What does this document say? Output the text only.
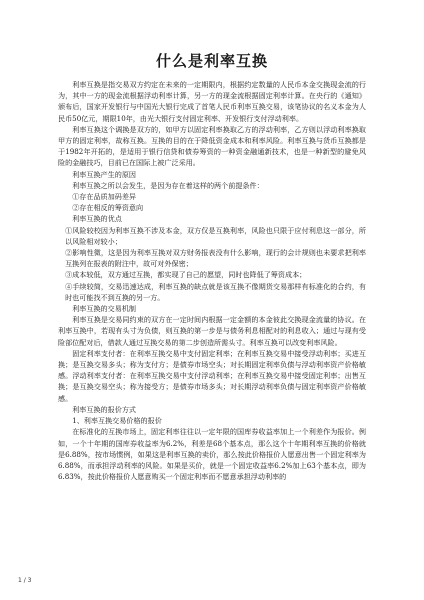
什么是利率互换

利率互换是指交易双方约定在未来的一定期限内，根据约定数量的人民币本金交换现金流的行为，其中一方的现金流根据浮动利率计算，另一方的现金流根据固定利率计算。在央行的《通知》颁布后，国家开发银行与中国光大银行完成了首笔人民币利率互换交易，该笔协议的名义本金为人民币50亿元，期限10年，由光大银行支付固定利率、开发银行支付浮动利率。

利率互换这个调换是双方的，如甲方以固定利率换取乙方的浮动利率，乙方则以浮动利率换取甲方的固定利率，故称互换。互换的目的在于降低资金成本和利率风险。利率互换与货币互换都是于1982年开拓的，是适用于银行信贷和债券筹资的一种资金融通新技术，也是一种新型的避免风险的金融技巧，目前已在国际上被广泛采用。

利率互换产生的原因

利率互换之所以会发生，是因为存在着这样的两个前提条件：

①存在品质加码差异

②存在相反的筹资意向

利率互换的优点

①风险较校因为利率互换不涉及本金，双方仅是互换利率，风险也只限于应付利息这一部分，所以风险相对较小；

②影响性微，这是因为利率互换对双方财务报表没有什么影响，现行的会计规则也未要求把利率互换列在报表的附注中，故可对外保密；

③成本较低，双方通过互换，都实现了自己的愿望，同时也降低了筹资成本；

④手续较简，交易迅速达成，利率互换的缺点就是该互换不像期货交易那样有标准化的合约，有时也可能找不到互换的另一方。

利率互换的交易机制

利率互换是交易同约束的双方在一定时间内根据一定金额的本金彼此交换现金流量的协议。在利率互换中，若现有头寸为负债，则互换的第一步是与债务利息相配对的利息收入；通过与现有受险部位配对后，借款人通过互换交易的第二步创造所需头寸。利率互换可以改变利率风险。

固定利率支付者：在利率互换交易中支付固定利率；在利率互换交易中接受浮动利率；买进互换；是互换交易多头；称为支付方；是债券市场空头；对长期固定利率负债与浮动利率资产价格敏感。浮动利率支付者：在利率互换交易中支付浮动利率；在利率互换交易中接受固定利率；出售互换；是互换交易空头；称为接受方；是债券市场多头；对长期浮动利率负债与固定利率资产价格敏感。

利率互换的报价方式

1、利率互换交易价格的报价

在标准化的互换市场上，固定利率往往以一定年限的国库券收益率加上一个利差作为报价。例如，一个十年期的国库券收益率为6.2%，利差是68个基本点，那么这个十年期利率互换的价格就是6.88%，按市场惯例，如果这是利率互换的卖价，那么按此价格报价人愿意出售一个固定利率为6.88%，而承担浮动利率的风险。如果是买价，就是一个固定收益率6.2%加上63个基本点，即为6.83%，按此价格报价人愿意购买一个固定利率而不愿意承担浮动利率的

1 / 3
